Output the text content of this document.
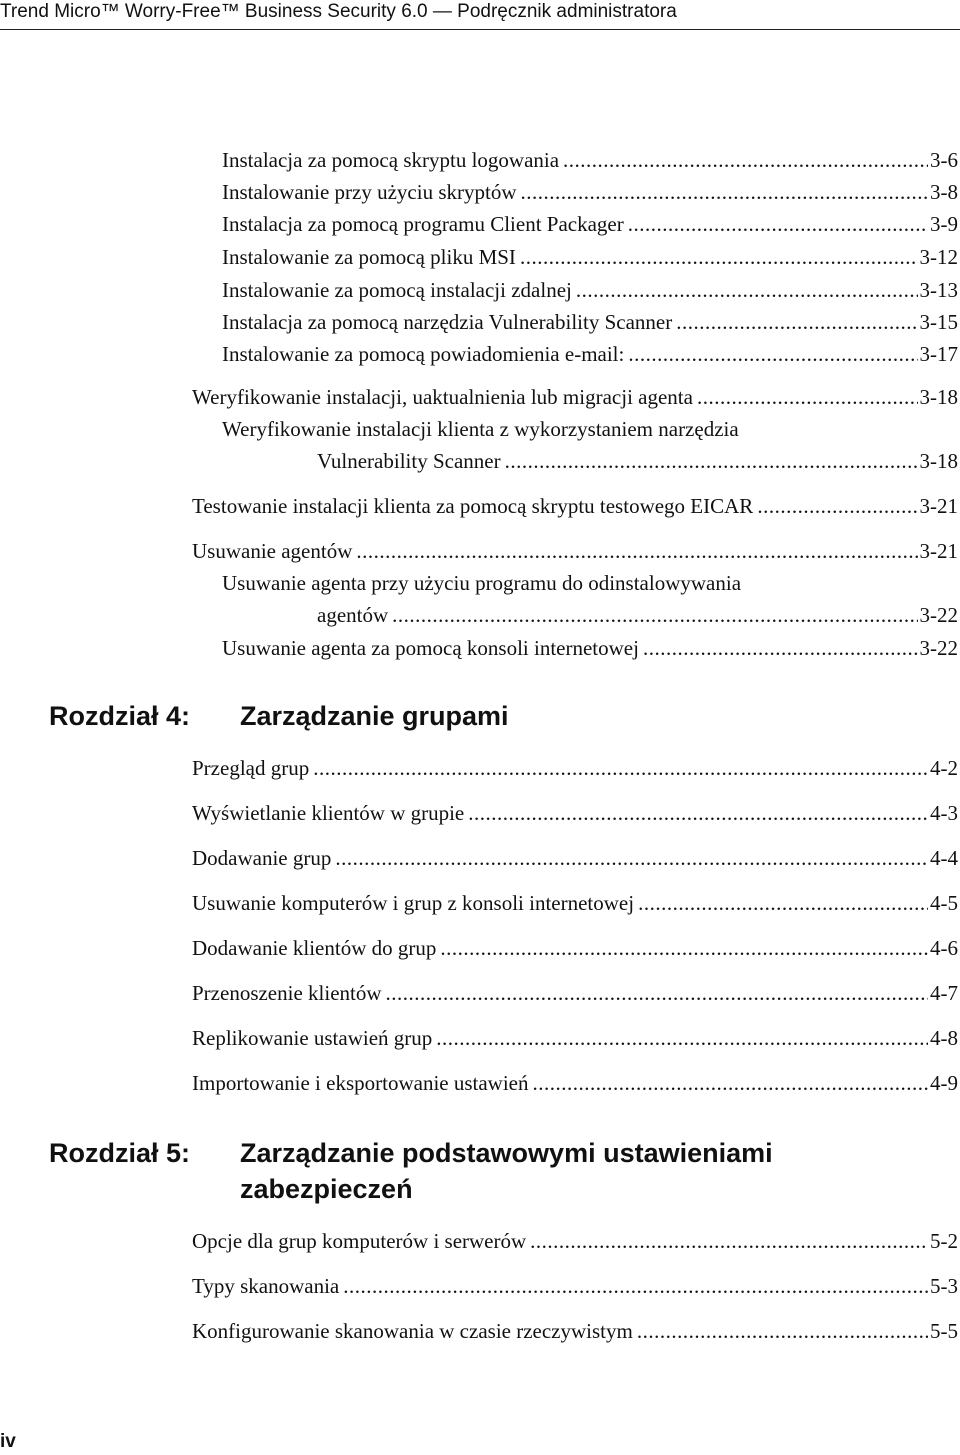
Trend Micro™ Worry-Free™ Business Security 6.0 — Podręcznik administratora
Instalacja za pomocą skryptu logowania .....	3-6
Instalowanie przy użyciu skryptów .....	3-8
Instalacja za pomocą programu Client Packager .....	3-9
Instalowanie za pomocą pliku MSI .....	3-12
Instalowanie za pomocą instalacji zdalnej .....	3-13
Instalacja za pomocą narzędzia Vulnerability Scanner .....	3-15
Instalowanie za pomocą powiadomienia e-mail: .....	3-17
Weryfikowanie instalacji, uaktualnienia lub migracji agenta .....	3-18
Weryfikowanie instalacji klienta z wykorzystaniem narzędzia
Vulnerability Scanner .....	3-18
Testowanie instalacji klienta za pomocą skryptu testowego EICAR .....	3-21
Usuwanie agentów .....	3-21
Usuwanie agenta przy użyciu programu do odinstalowywania
agentów .....	3-22
Usuwanie agenta za pomocą konsoli internetowej .....	3-22
Rozdział 4: Zarządzanie grupami
Przegląd grup .....	4-2
Wyświetlanie klientów w grupie .....	4-3
Dodawanie grup .....	4-4
Usuwanie komputerów i grup z konsoli internetowej .....	4-5
Dodawanie klientów do grup .....	4-6
Przenoszenie klientów .....	4-7
Replikowanie ustawień grup .....	4-8
Importowanie i eksportowanie ustawień .....	4-9
Rozdział 5: Zarządzanie podstawowymi ustawieniami zabezpieczeń
Opcje dla grup komputerów i serwerów .....	5-2
Typy skanowania .....	5-3
Konfigurowanie skanowania w czasie rzeczywistym .....	5-5
iv
